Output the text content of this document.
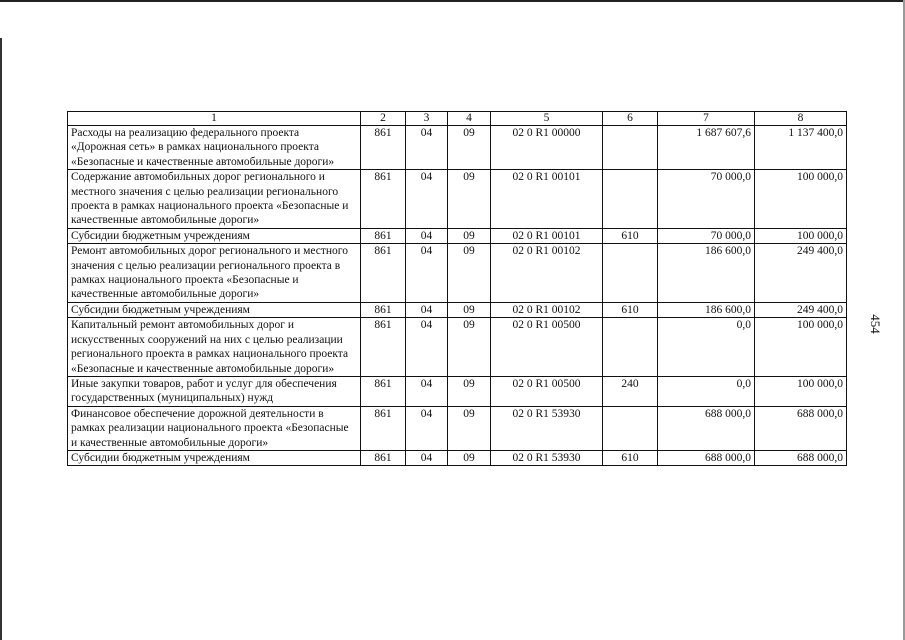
454
1	2	3	4	5	6	7	8
Расходы на реализацию федерального проекта «Дорожная сеть» в рамках национального проекта «Безопасные и качественные автомобильные дороги»	861	04	09	02 0 R1 00000		1 687 607,6	1 137 400,0
Содержание автомобильных дорог регионального и местного значения с целью реализации регионального проекта в рамках национального проекта «Безопасные и качественные автомобильные дороги»	861	04	09	02 0 R1 00101		70 000,0	100 000,0
Субсидии бюджетным учреждениям	861	04	09	02 0 R1 00101	610	70 000,0	100 000,0
Ремонт автомобильных дорог регионального и местного значения с целью реализации регионального проекта в рамках национального проекта «Безопасные и качественные автомобильные дороги»	861	04	09	02 0 R1 00102		186 600,0	249 400,0
Субсидии бюджетным учреждениям	861	04	09	02 0 R1 00102	610	186 600,0	249 400,0
Капитальный ремонт автомобильных дорог и искусственных сооружений на них с целью реализации регионального проекта в рамках национального проекта «Безопасные и качественные автомобильные дороги»	861	04	09	02 0 R1 00500		0,0	100 000,0
Иные закупки товаров, работ и услуг для обеспечения государственных (муниципальных) нужд	861	04	09	02 0 R1 00500	240	0,0	100 000,0
Финансовое обеспечение дорожной деятельности в рамках реализации национального проекта «Безопасные и качественные автомобильные дороги»	861	04	09	02 0 R1 53930		688 000,0	688 000,0
Субсидии бюджетным учреждениям	861	04	09	02 0 R1 53930	610	688 000,0	688 000,0
